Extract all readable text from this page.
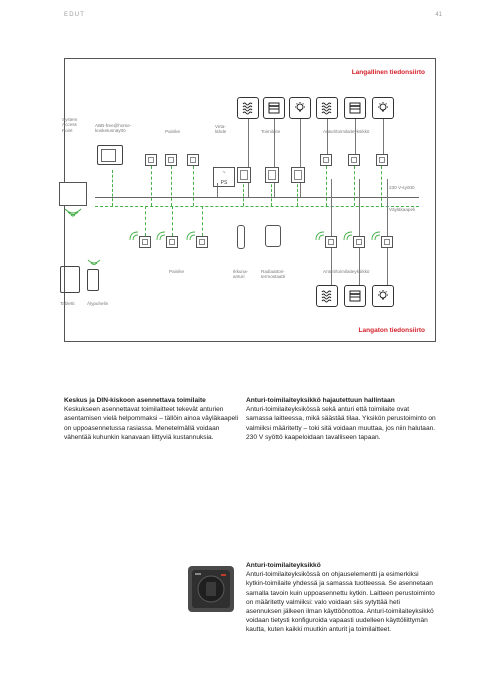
EDUT	41
Langallinen tiedonsiirto
Langaton tiedonsiirto
System
Access
Point
ABB-free@home-
kosketusnäyttö	Painike
Virta-
lähde	Toimilaite	Anturi/toimilaiteyksikkö
230 V-syöttö
Väyläkaapeli
Painike	Ikkuna-
anturi
Radiaattori-
termostaatti
Anturi/toimilaiteyksikkö
Tabletti	Älypuhelin
~
PS
Keskus ja DIN-kiskoon asennettava toimilaite

Keskukseen asennettavat toimilaitteet tekevät anturien asentamisen vielä helpommaksi – tällöin ainoa väyläkaapeli on uppoasennetussa rasiassa. Menetelmällä voidaan vähentää kuhunkin kanavaan liittyviä kustannuksia.

Anturi-toimilaiteyksikkö hajautettuun hallintaan

Anturi-toimilaiteyksikössä sekä anturi että toimilaite ovat samassa laitteessa, mikä säästää tilaa. Yksikön perustoiminto on valmiiksi määritetty – toki sitä voidaan muuttaa, jos niin halutaan. 230 V syöttö kaapeloidaan tavalliseen tapaan.

Anturi-toimilaiteyksikkö

Anturi-toimilaiteyksikössä on ohjauselementti ja esimerkiksi kytkin-toimilaite yhdessä ja samassa tuotteessa. Se asennetaan samalla tavoin kuin uppoasennettu kytkin. Laitteen perustoiminto on määritetty valmiiksi: valo voidaan siis sytyttää heti asennuksen jälkeen ilman käyttöönottoa. Anturi-toimilaiteyksikkö voidaan tietysti konfiguroida vapaasti uudelleen käyttöliittymän kautta, kuten kaikki muutkin anturit ja toimilaitteet.
